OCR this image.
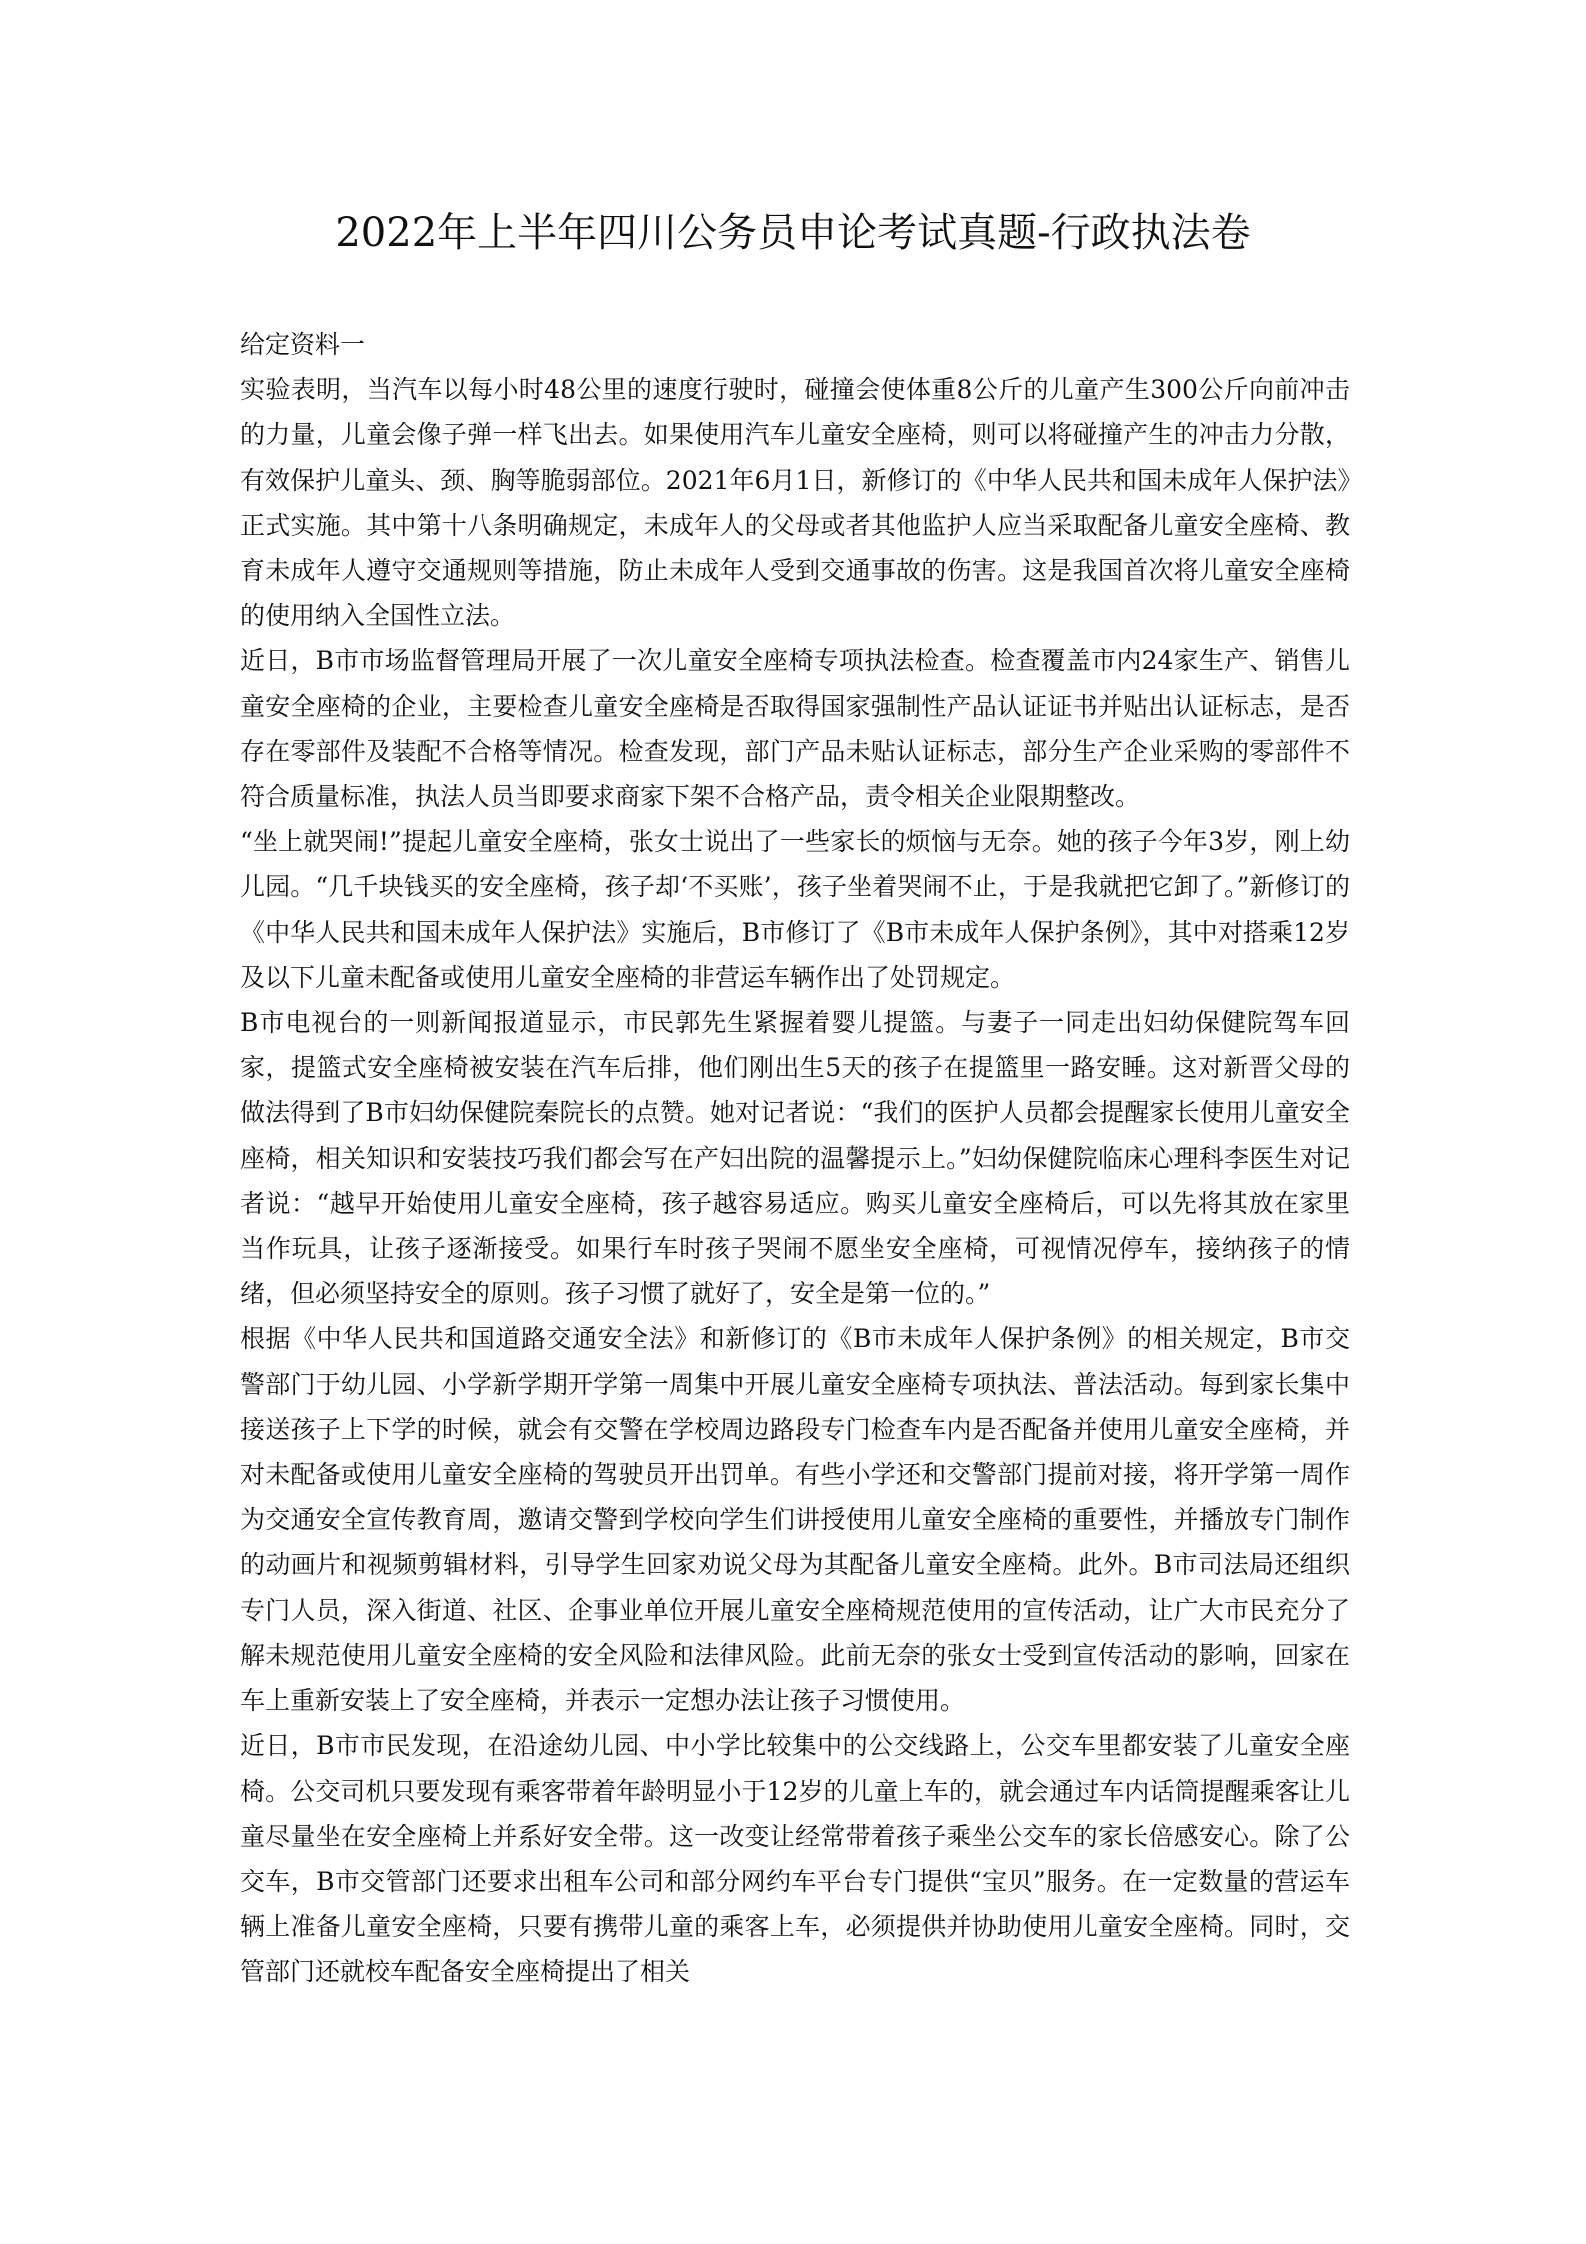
2022年上半年四川公务员申论考试真题-行政执法卷

给定资料一

实验表明，当汽车以每小时48公里的速度行驶时，碰撞会使体重8公斤的儿童产生300公斤向前冲击的力量，儿童会像子弹一样飞出去。如果使用汽车儿童安全座椅，则可以将碰撞产生的冲击力分散，有效保护儿童头、颈、胸等脆弱部位。2021年6月1日，新修订的《中华人民共和国未成年人保护法》正式实施。其中第十八条明确规定，未成年人的父母或者其他监护人应当采取配备儿童安全座椅、教育未成年人遵守交通规则等措施，防止未成年人受到交通事故的伤害。这是我国首次将儿童安全座椅的使用纳入全国性立法。

近日，B市市场监督管理局开展了一次儿童安全座椅专项执法检查。检查覆盖市内24家生产、销售儿童安全座椅的企业，主要检查儿童安全座椅是否取得国家强制性产品认证证书并贴出认证标志，是否存在零部件及装配不合格等情况。检查发现，部门产品未贴认证标志，部分生产企业采购的零部件不符合质量标准，执法人员当即要求商家下架不合格产品，责令相关企业限期整改。

“坐上就哭闹!”提起儿童安全座椅，张女士说出了一些家长的烦恼与无奈。她的孩子今年3岁，刚上幼儿园。“几千块钱买的安全座椅，孩子却‘不买账’，孩子坐着哭闹不止，于是我就把它卸了。”新修订的《中华人民共和国未成年人保护法》实施后，B市修订了《B市未成年人保护条例》，其中对搭乘12岁及以下儿童未配备或使用儿童安全座椅的非营运车辆作出了处罚规定。

B市电视台的一则新闻报道显示，市民郭先生紧握着婴儿提篮。与妻子一同走出妇幼保健院驾车回家，提篮式安全座椅被安装在汽车后排，他们刚出生5天的孩子在提篮里一路安睡。这对新晋父母的做法得到了B市妇幼保健院秦院长的点赞。她对记者说：“我们的医护人员都会提醒家长使用儿童安全座椅，相关知识和安装技巧我们都会写在产妇出院的温馨提示上。”妇幼保健院临床心理科李医生对记者说：“越早开始使用儿童安全座椅，孩子越容易适应。购买儿童安全座椅后，可以先将其放在家里当作玩具，让孩子逐渐接受。如果行车时孩子哭闹不愿坐安全座椅，可视情况停车，接纳孩子的情绪，但必须坚持安全的原则。孩子习惯了就好了，安全是第一位的。”

根据《中华人民共和国道路交通安全法》和新修订的《B市未成年人保护条例》的相关规定，B市交警部门于幼儿园、小学新学期开学第一周集中开展儿童安全座椅专项执法、普法活动。每到家长集中接送孩子上下学的时候，就会有交警在学校周边路段专门检查车内是否配备并使用儿童安全座椅，并对未配备或使用儿童安全座椅的驾驶员开出罚单。有些小学还和交警部门提前对接，将开学第一周作为交通安全宣传教育周，邀请交警到学校向学生们讲授使用儿童安全座椅的重要性，并播放专门制作的动画片和视频剪辑材料，引导学生回家劝说父母为其配备儿童安全座椅。此外。B市司法局还组织专门人员，深入街道、社区、企事业单位开展儿童安全座椅规范使用的宣传活动，让广大市民充分了解未规范使用儿童安全座椅的安全风险和法律风险。此前无奈的张女士受到宣传活动的影响，回家在车上重新安装上了安全座椅，并表示一定想办法让孩子习惯使用。

近日，B市市民发现，在沿途幼儿园、中小学比较集中的公交线路上，公交车里都安装了儿童安全座椅。公交司机只要发现有乘客带着年龄明显小于12岁的儿童上车的，就会通过车内话筒提醒乘客让儿童尽量坐在安全座椅上并系好安全带。这一改变让经常带着孩子乘坐公交车的家长倍感安心。除了公交车，B市交管部门还要求出租车公司和部分网约车平台专门提供“宝贝”服务。在一定数量的营运车辆上准备儿童安全座椅，只要有携带儿童的乘客上车，必须提供并协助使用儿童安全座椅。同时，交管部门还就校车配备安全座椅提出了相关
